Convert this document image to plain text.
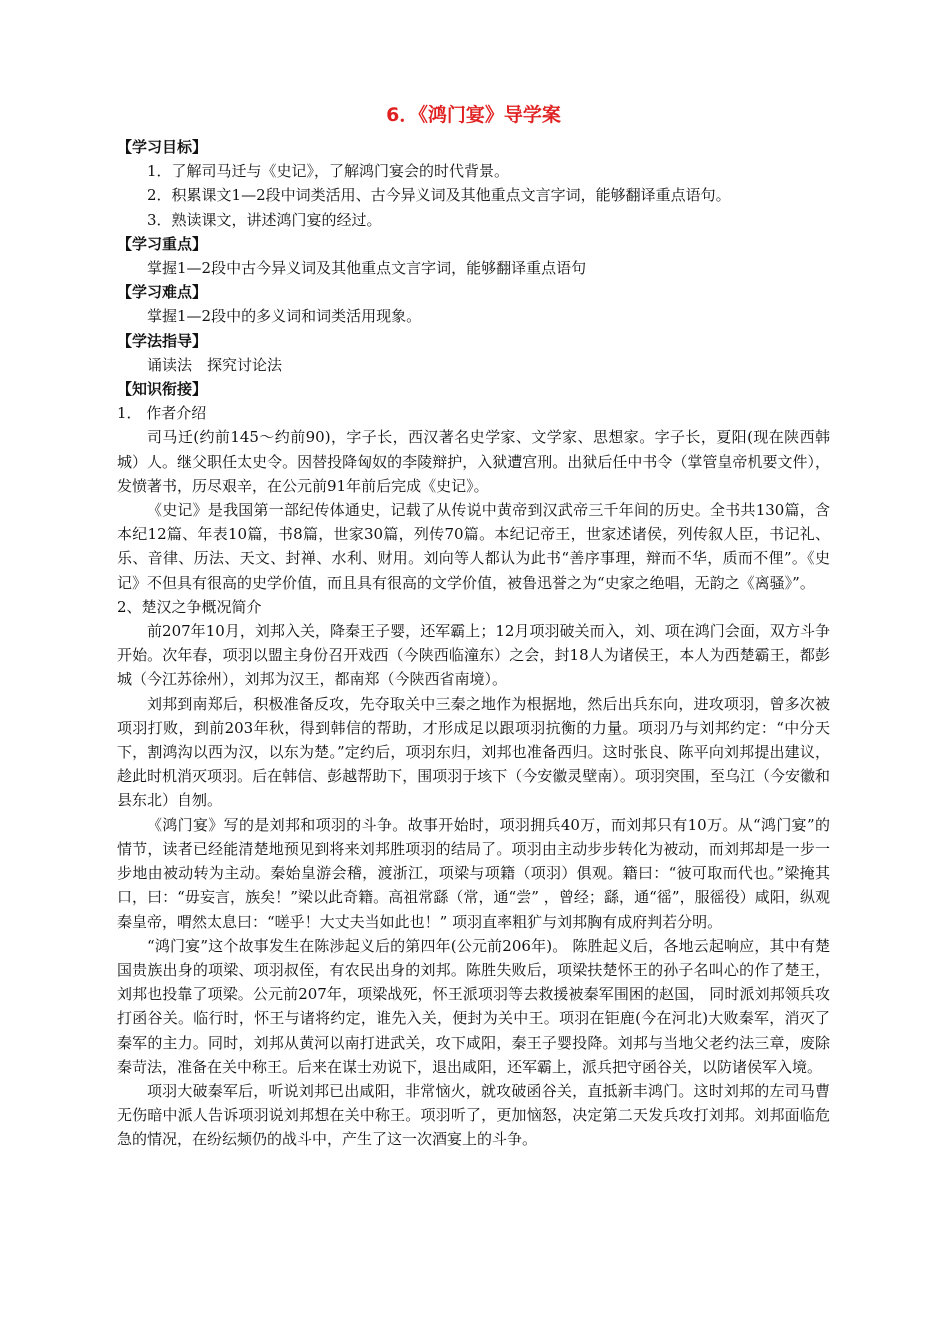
6．《鸿门宴》导学案
【学习目标】

1．了解司马迁与《史记》，了解鸿门宴会的时代背景。

2．积累课文1—2段中词类活用、古今异义词及其他重点文言字词，能够翻译重点语句。

3．熟读课文，讲述鸿门宴的经过。

【学习重点】

掌握1—2段中古今异义词及其他重点文言字词，能够翻译重点语句

【学习难点】

掌握1—2段中的多义词和词类活用现象。

【学法指导】

诵读法　探究讨论法

【知识衔接】

1． 作者介绍

司马迁(约前145～约前90)，字子长，西汉著名史学家、文学家、思想家。字子长，夏阳(现在陕西韩城）人。继父职任太史令。因替投降匈奴的李陵辩护，入狱遭宫刑。出狱后任中书令（掌管皇帝机要文件），发愤著书，历尽艰辛，在公元前91年前后完成《史记》。

《史记》是我国第一部纪传体通史，记载了从传说中黄帝到汉武帝三千年间的历史。全书共130篇，含本纪12篇、年表10篇，书8篇，世家30篇，列传70篇。本纪记帝王，世家述诸侯，列传叙人臣，书记礼、乐、音律、历法、天文、封禅、水利、财用。刘向等人都认为此书“善序事理，辩而不华，质而不俚”。《史记》不但具有很高的史学价值，而且具有很高的文学价值，被鲁迅誉之为“史家之绝唱，无韵之《离骚》”。

2、楚汉之争概况简介

前207年10月，刘邦入关，降秦王子婴，还军霸上；12月项羽破关而入，刘、项在鸿门会面，双方斗争开始。次年春，项羽以盟主身份召开戏西（今陕西临潼东）之会，封18人为诸侯王，本人为西楚霸王，都彭城（今江苏徐州），刘邦为汉王，都南郑（今陕西省南境）。

刘邦到南郑后，积极准备反攻，先夺取关中三秦之地作为根据地，然后出兵东向，进攻项羽，曾多次被项羽打败，到前203年秋，得到韩信的帮助，才形成足以跟项羽抗衡的力量。项羽乃与刘邦约定：“中分天下，割鸿沟以西为汉，以东为楚。”定约后，项羽东归，刘邦也准备西归。这时张良、陈平向刘邦提出建议，趁此时机消灭项羽。后在韩信、彭越帮助下，围项羽于垓下（今安徽灵壁南）。项羽突围，至乌江（今安徽和县东北）自刎。

《鸿门宴》写的是刘邦和项羽的斗争。故事开始时，项羽拥兵40万，而刘邦只有10万。从“鸿门宴”的情节，读者已经能清楚地预见到将来刘邦胜项羽的结局了。项羽由主动步步转化为被动，而刘邦却是一步一步地由被动转为主动。秦始皇游会稽，渡浙江，项梁与项籍（项羽）俱观。籍曰：“彼可取而代也。”梁掩其口，曰：“毋妄言，族矣！”梁以此奇籍。高祖常繇（常，通“尝” ，曾经；繇，通“徭”，服徭役）咸阳，纵观秦皇帝，喟然太息曰：“嗟乎！大丈夫当如此也！” 项羽直率粗犷与刘邦胸有成府判若分明。

“鸿门宴”这个故事发生在陈涉起义后的第四年(公元前206年)。 陈胜起义后，各地云起响应，其中有楚国贵族出身的项梁、项羽叔侄，有农民出身的刘邦。陈胜失败后，项梁扶楚怀王的孙子名叫心的作了楚王，刘邦也投靠了项梁。公元前207年，项梁战死，怀王派项羽等去救援被秦军围困的赵国， 同时派刘邦领兵攻打函谷关。临行时，怀王与诸将约定，谁先入关，便封为关中王。项羽在钜鹿(今在河北)大败秦军，消灭了秦军的主力。同时，刘邦从黄河以南打进武关，攻下咸阳，秦王子婴投降。刘邦与当地父老约法三章，废除秦苛法，准备在关中称王。后来在谋士劝说下，退出咸阳，还军霸上，派兵把守函谷关，以防诸侯军入境。

项羽大破秦军后，听说刘邦已出咸阳，非常恼火，就攻破函谷关，直抵新丰鸿门。这时刘邦的左司马曹无伤暗中派人告诉项羽说刘邦想在关中称王。项羽听了，更加恼怒，决定第二天发兵攻打刘邦。刘邦面临危急的情况，在纷纭频仍的战斗中，产生了这一次酒宴上的斗争。
